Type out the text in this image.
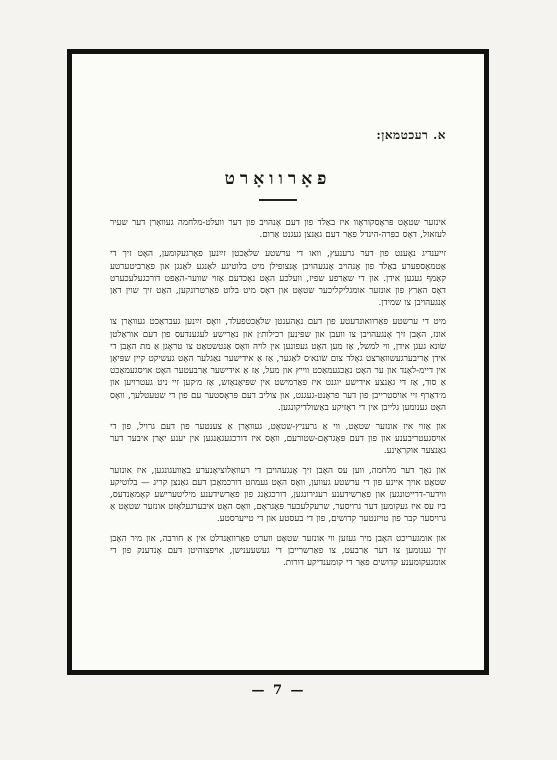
א. רעכטמאן:
פאָרוואָרט

אינזער שטאָט פּראָסקוראָוו איז באַלד פון דעם אָנהויב פון דער וועלט-מלחמה געוואָרן דער שעיר לעזאזל, דאָס כפּרה-הינדל פאַר דעם גאַנצן געגנט אַרום.

זייענדיג נאָענט פון דער גרענעץ, וואו די ערשטע שלאַכטן זײַנען פאָרגעקומען, האָט זיך די אַטמאָספערע באַלד פון אָנהויב אָנגעהויבן אָנצופילן מיט בלוטיגע לאַנגע לאַנגן און פאַרביטערטע קאַמף געגען אידן. און די שאַרפע שפיז, וועלכע האָט נאָכדעם אַזוי שווער-האַפט דורכגעלעכערט דאָס האַרץ פון אונזער אומגליקליכער שטאָט און דאָס מיט בלוט פאַרטרונקען, האָט זיך שוין דאַן אָנגעהויבן צו שמידן.

מיט די ערשטע פאַרוואונדעטע פון דעם נאָהענטן שלאַכטפעלד, וואָס זײַנען געבראַכט געוואָרן צו אונז, האָבן זיך אָנגעהויבן צו וועבן און שפּינען רכילות׳ן און נאַרישע לעגענדעס פון דעם אוראַלטן שׂונא געגן אידן, ווי למשל, אַז מען האָט געפונען אין לויה וואָס אַנטשטאַט צו טראָגן אַ מת האָבן די אידן אַריבערגעשוואַרצט גאָלד צום שׂונא׳ס לאַגער, אַז אַ אידישער נאַגלער האָט געשיקט קיין שפּיאָן אין דיימ-לאַנד און ער האָט נאָכגעמאַכט ווייץ און מעל, אַז אַ אידישער אַרבעטער האָט אויסגעמאַכט אַ סוד, אַז די גאַנצע אידישע יוגנט איז פאַרמישט אין שפּיאָנאַזש, אַז מ׳קען זיי ניט געטרויען און מ׳דאַרף זיי אויסטרייבן פון דער פראָנט-געגנט, און צוליב דעם פּראָסטער עם פון די שטעטלעך, וואָס האָט גענומען גלייבן אין די דאָזיקע באַשולדיקונגען.

און אַזוי איז אונזער שטאָט, ווי אַ גרעניץ-שטאָט, געוואָרן אַ צענטער פון דעם גרויל, פון די אויסגעטריבענע און פון דעם פּאָגראָם-שטורעם, וואָס איז דורכגעגאַנגען אין יענע יאָרן איבער דער גאַנצער אוקראַינע.

און נאָך דער מלחמה, ווען עס האָבן זיך אָנגעהויבן די רעוואָלוציאָנערע באַוועגונגען, איז אונזער שטאָט אויך איינע פון די ערשטע געווען, וואָס האָט געמוזט דורכמאַכן דעם גאַנצן קריג — בלוטיקע ווידער-דרייטונגען און פאַרשידענע רעגירונגען, דורכגאַנג פון פאַרשידענע מיליטערישע קאָמאַנדעס, ביז עס איז געקומען דער גרויסער, שרעקלעכער פּאָגראָם, וואָס האָט איבערגעלאָזט אונזער שטאָט אַ גרויסער קבר פון טויזנטער קדושים, פון די בעסטע און די טייערסטע.

און אומגעריכט האָבן מיר געזען ווי אונזער שטאָט ווערט פאַרוואַנדלט אין אַ חורבה, און מיר האָבן זיך גענומען צו דער אַרבעט, צו פאַרשרייבן די געשעענישן, אויפצוהיטן דעם אָנדענק פון די אומגעקומענע קדושים פאַר די קומענדיקע דורות.

— 7 —
